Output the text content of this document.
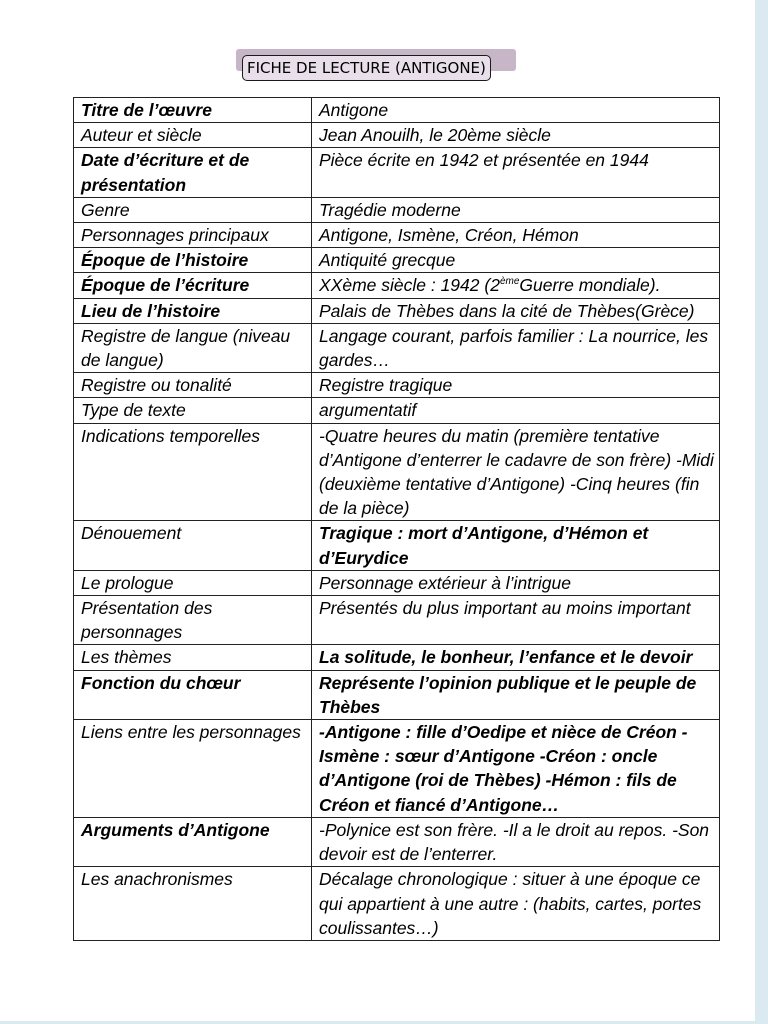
FICHE DE LECTURE (ANTIGONE)
Titre de l’œuvre	Antigone
Auteur et siècle	Jean Anouilh, le 20ème siècle
Date d’écriture et de présentation	Pièce écrite en 1942 et présentée en 1944
Genre	Tragédie moderne
Personnages principaux	Antigone, Ismène, Créon, Hémon
Époque de l’histoire	Antiquité grecque
Époque de l’écriture	XXème siècle : 1942 (2èmeGuerre mondiale).
Lieu de l’histoire	Palais de Thèbes dans la cité de Thèbes(Grèce)
Registre de langue (niveau de langue)	Langage courant, parfois familier : La nourrice, les gardes…
Registre ou tonalité	Registre tragique
Type de texte	argumentatif
Indications temporelles	-Quatre heures du matin (première tentative d’Antigone d’enterrer le cadavre de son frère) -Midi (deuxième tentative d’Antigone) -Cinq heures (fin de la pièce)
Dénouement	Tragique : mort d’Antigone, d’Hémon et d’Eurydice
Le prologue	Personnage extérieur à l’intrigue
Présentation des personnages	Présentés du plus important au moins important
Les thèmes	La solitude, le bonheur, l’enfance et le devoir
Fonction du chœur	Représente l’opinion publique et le peuple de Thèbes
Liens entre les personnages	-Antigone : fille d’Oedipe et nièce de Créon -Ismène : sœur d’Antigone -Créon : oncle d’Antigone (roi de Thèbes) -Hémon : fils de Créon et fiancé d’Antigone…
Arguments d’Antigone	-Polynice est son frère. -Il a le droit au repos. -Son devoir est de l’enterrer.
Les anachronismes	Décalage chronologique : situer à une époque ce qui appartient à une autre : (habits, cartes, portes coulissantes…)
